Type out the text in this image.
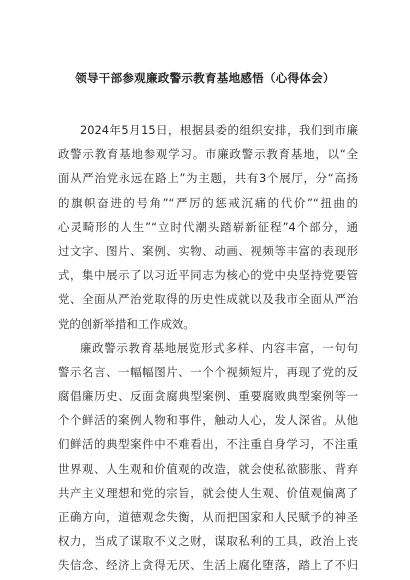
领导干部参观廉政警示教育基地感悟（心得体会）
2024年5月15日，根据县委的组织安排，我们到市廉
政警示教育基地参观学习。市廉政警示教育基地，以“全
面从严治党永远在路上”为主题，共有3个展厅，分“高扬
的旗帜奋进的号角”“严厉的惩戒沉痛的代价”“扭曲的
心灵畸形的人生”“立时代潮头踏崭新征程”4个部分，通
过文字、图片、案例、实物、动画、视频等丰富的表现形
式，集中展示了以习近平同志为核心的党中央坚持党要管
党、全面从严治党取得的历史性成就以及我市全面从严治
党的创新举措和工作成效。
廉政警示教育基地展览形式多样、内容丰富，一句句
警示名言、一幅幅图片、一个个视频短片，再现了党的反
腐倡廉历史、反面贪腐典型案例、重要腐败典型案例等一
个个鲜活的案例人物和事件，触动人心，发人深省。从他
们鲜活的典型案件中不难看出，不注重自身学习，不注重
世界观、人生观和价值观的改造，就会使私欲膨胀、背弃
共产主义理想和党的宗旨，就会使人生观、价值观偏离了
正确方向，道德观念失衡，从而把国家和人民赋予的神圣
权力，当成了谋取不义之财，谋取私利的工具，政治上丧
失信念、经济上贪得无厌、生活上腐化堕落，踏上了不归
